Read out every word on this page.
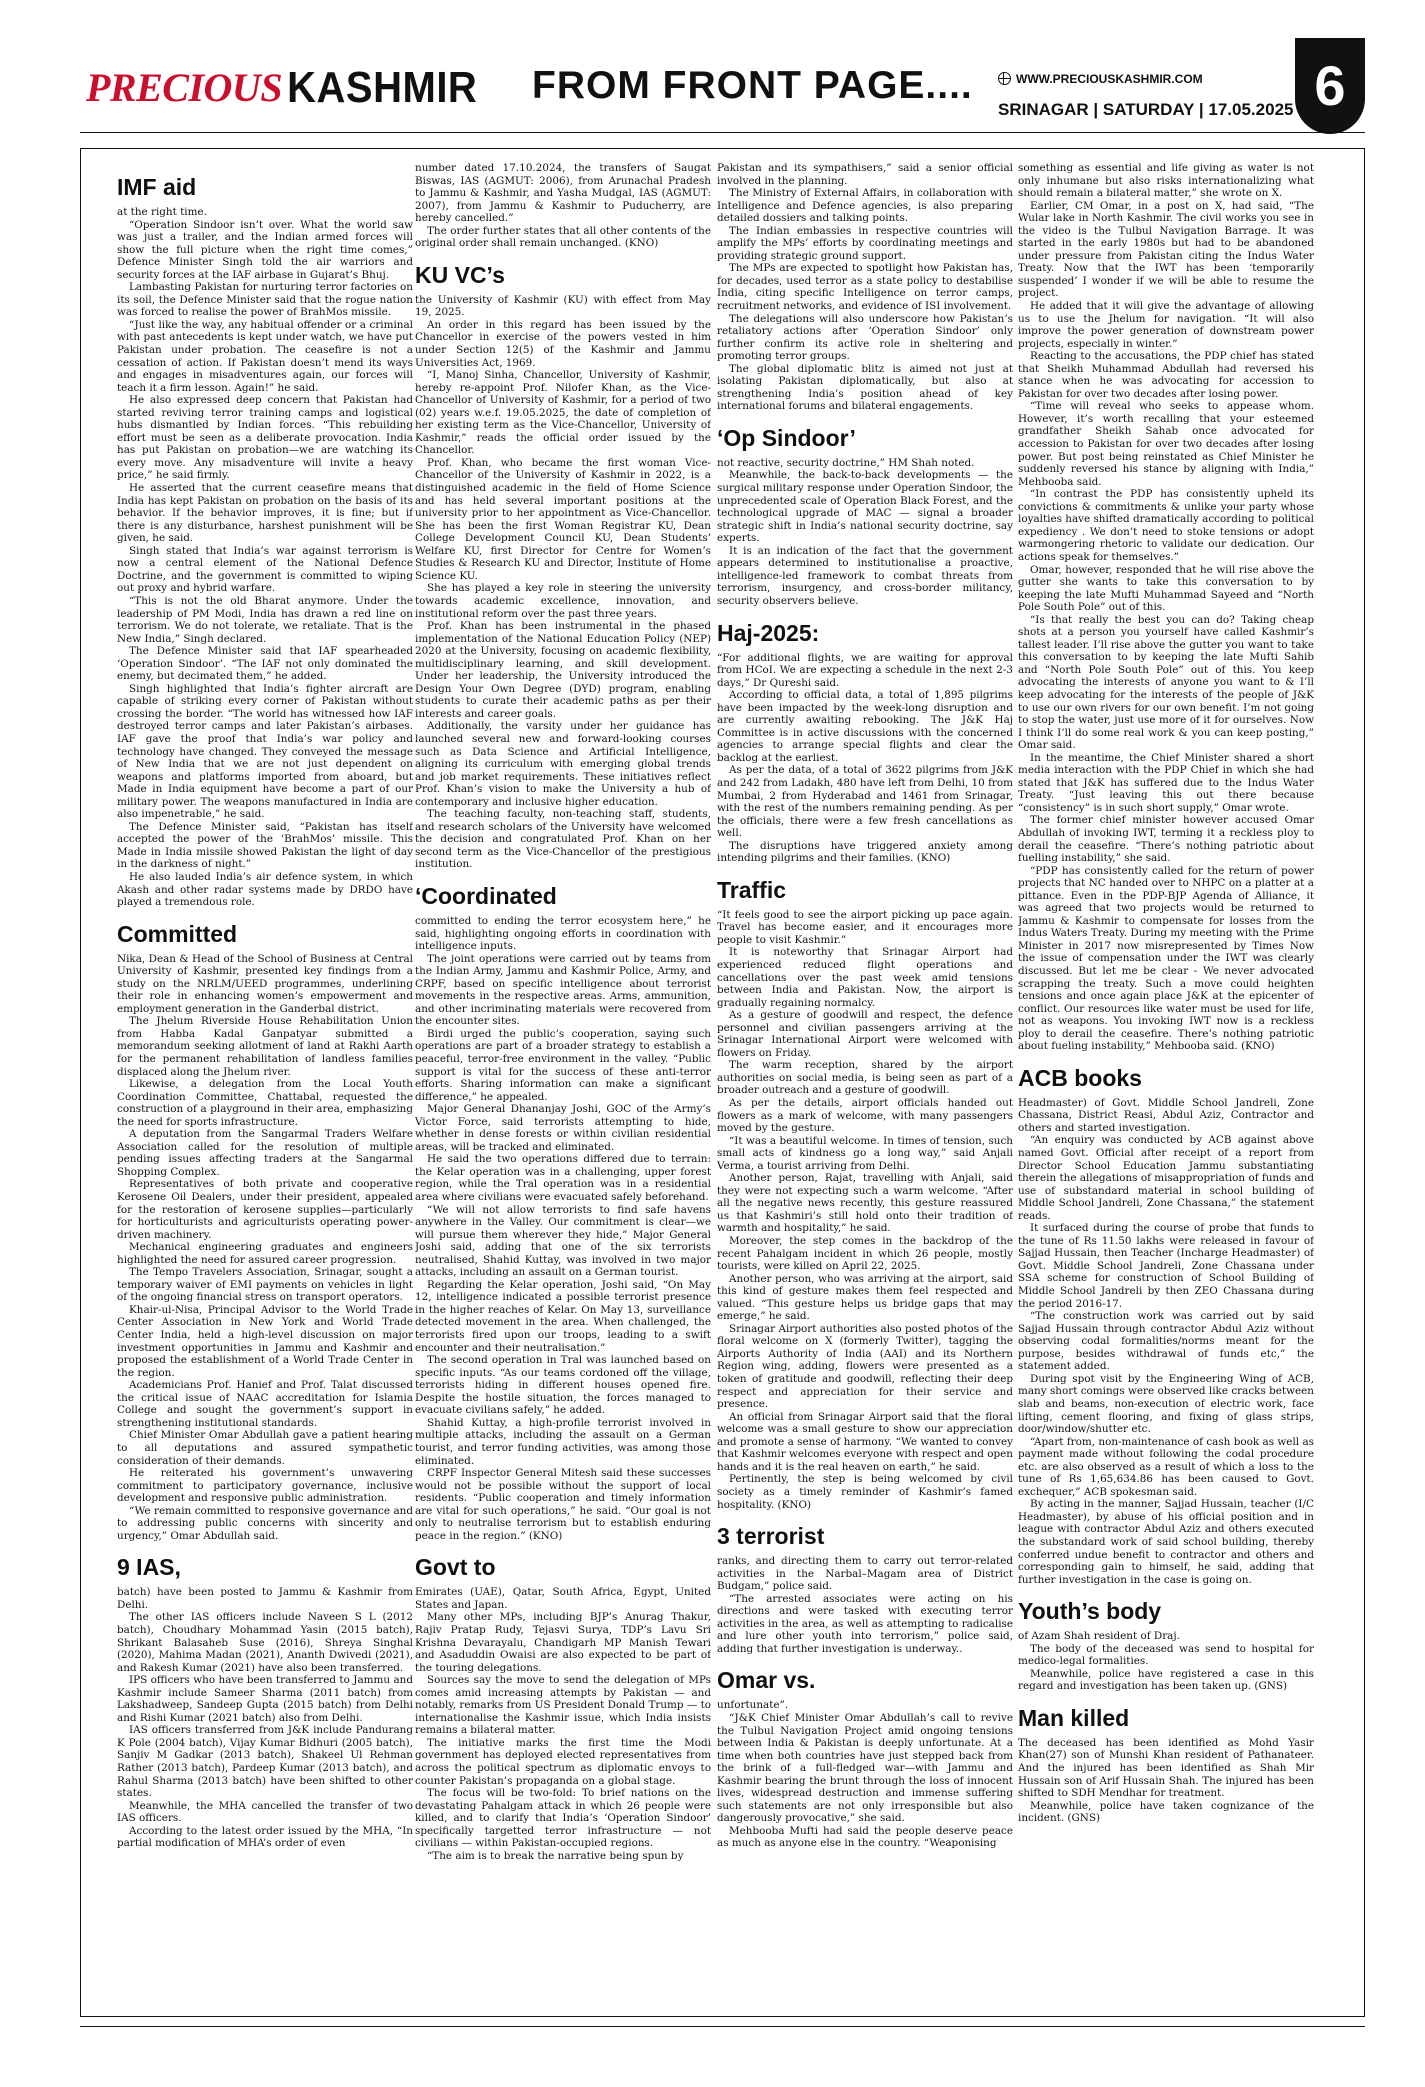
PRECIOUS KASHMIR FROM FRONT PAGE....	WWW.PRECIOUSKASHMIR.COM
SRINAGAR | SATURDAY | 17.05.2025 6
IMF aid

at the right time.

“Operation Sindoor isn’t over. What the world saw was just a trailer, and the Indian armed forces will show the full picture when the right time comes,” Defence Minister Singh told the air warriors and security forces at the IAF airbase in Gujarat’s Bhuj.

Lambasting Pakistan for nurturing terror factories on its soil, the Defence Minister said that the rogue nation was forced to realise the power of BrahMos missile.

“Just like the way, any habitual offender or a criminal with past antecedents is kept under watch, we have put Pakistan under probation. The ceasefire is not a cessation of action. If Pakistan doesn’t mend its ways and engages in misadventures again, our forces will teach it a firm lesson. Again!” he said.

He also expressed deep concern that Pakistan had started reviving terror training camps and logistical hubs dismantled by Indian forces. “This rebuilding effort must be seen as a deliberate provocation. India has put Pakistan on probation—we are watching its every move. Any misadventure will invite a heavy price,” he said firmly.

He asserted that the current ceasefire means that India has kept Pakistan on probation on the basis of its behavior. If the behavior improves, it is fine; but if there is any disturbance, harshest punishment will be given, he said.

Singh stated that India’s war against terrorism is now a central element of the National Defence Doctrine, and the government is committed to wiping out proxy and hybrid warfare.

“This is not the old Bharat anymore. Under the leadership of PM Modi, India has drawn a red line on terrorism. We do not tolerate, we retaliate. That is the New India,” Singh declared.

The Defence Minister said that IAF spearheaded ‘Operation Sindoor’. “The IAF not only dominated the enemy, but decimated them,” he added.

Singh highlighted that India’s fighter aircraft are capable of striking every corner of Pakistan without crossing the border. “The world has witnessed how IAF destroyed terror camps and later Pakistan’s airbases. IAF gave the proof that India’s war policy and technology have changed. They conveyed the message of New India that we are not just dependent on weapons and platforms imported from aboard, but Made in India equipment have become a part of our military power. The weapons manufactured in India are also impenetrable,” he said.

The Defence Minister said, “Pakistan has itself accepted the power of the ‘BrahMos’ missile. This Made in India missile showed Pakistan the light of day in the darkness of night.”

He also lauded India’s air defence system, in which Akash and other radar systems made by DRDO have played a tremendous role.

Committed

Nika, Dean & Head of the School of Business at Central University of Kashmir, presented key findings from a study on the NRLM/UEED programmes, underlining their role in enhancing women’s empowerment and employment generation in the Ganderbal district.

The Jhelum Riverside House Rehabilitation Union from Habba Kadal Ganpatyar submitted a memorandum seeking allotment of land at Rakhi Aarth for the permanent rehabilitation of landless families displaced along the Jhelum river.

Likewise, a delegation from the Local Youth Coordination Committee, Chattabal, requested the construction of a playground in their area, emphasizing the need for sports infrastructure.

A deputation from the Sangarmal Traders Welfare Association called for the resolution of multiple pending issues affecting traders at the Sangarmal Shopping Complex.

Representatives of both private and cooperative Kerosene Oil Dealers, under their president, appealed for the restoration of kerosene supplies—particularly for horticulturists and agriculturists operating power-driven machinery.

Mechanical engineering graduates and engineers highlighted the need for assured career progression.

The Tempo Travelers Association, Srinagar, sought a temporary waiver of EMI payments on vehicles in light of the ongoing financial stress on transport operators.

Khair-ul-Nisa, Principal Advisor to the World Trade Center Association in New York and World Trade Center India, held a high-level discussion on major investment opportunities in Jammu and Kashmir and proposed the establishment of a World Trade Center in the region.

Academicians Prof. Hanief and Prof. Talat discussed the critical issue of NAAC accreditation for Islamia College and sought the government’s support in strengthening institutional standards.

Chief Minister Omar Abdullah gave a patient hearing to all deputations and assured sympathetic consideration of their demands.

He reiterated his government’s unwavering commitment to participatory governance, inclusive development and responsive public administration.

“We remain committed to responsive governance and to addressing public concerns with sincerity and urgency,” Omar Abdullah said.

9 IAS,

batch) have been posted to Jammu & Kashmir from Delhi.

The other IAS officers include Naveen S L (2012 batch), Choudhary Mohammad Yasin (2015 batch), Shrikant Balasaheb Suse (2016), Shreya Singhal (2020), Mahima Madan (2021), Ananth Dwivedi (2021), and Rakesh Kumar (2021) have also been transferred.

IPS officers who have been transferred to Jammu and Kashmir include Sameer Sharma (2011 batch) from Lakshadweep, Sandeep Gupta (2015 batch) from Delhi and Rishi Kumar (2021 batch) also from Delhi.

IAS officers transferred from J&K include Pandurang K Pole (2004 batch), Vijay Kumar Bidhuri (2005 batch), Sanjiv M Gadkar (2013 batch), Shakeel Ul Rehman Rather (2013 batch), Pardeep Kumar (2013 batch), and Rahul Sharma (2013 batch) have been shifted to other states.

Meanwhile, the MHA cancelled the transfer of two IAS officers.

According to the latest order issued by the MHA, “In partial modification of MHA’s order of even

number dated 17.10.2024, the transfers of Saugat Biswas, IAS (AGMUT: 2006), from Arunachal Pradesh to Jammu & Kashmir, and Yasha Mudgal, IAS (AGMUT: 2007), from Jammu & Kashmir to Puducherry, are hereby cancelled.”

The order further states that all other contents of the original order shall remain unchanged. (KNO)

KU VC’s

the University of Kashmir (KU) with effect from May 19, 2025.

An order in this regard has been issued by the Chancellor in exercise of the powers vested in him under Section 12(5) of the Kashmir and Jammu Universities Act, 1969.

“I, Manoj Sinha, Chancellor, University of Kashmir, hereby re-appoint Prof. Nilofer Khan, as the Vice-Chancellor of University of Kashmir, for a period of two (02) years w.e.f. 19.05.2025, the date of completion of her existing term as the Vice-Chancellor, University of Kashmir,” reads the official order issued by the Chancellor.

Prof. Khan, who became the first woman Vice-Chancellor of the University of Kashmir in 2022, is a distinguished academic in the field of Home Science and has held several important positions at the university prior to her appointment as Vice-Chancellor. She has been the first Woman Registrar KU, Dean College Development Council KU, Dean Students’ Welfare KU, first Director for Centre for Women’s Studies & Research KU and Director, Institute of Home Science KU.

She has played a key role in steering the university towards academic excellence, innovation, and institutional reform over the past three years.

Prof. Khan has been instrumental in the phased implementation of the National Education Policy (NEP) 2020 at the University, focusing on academic flexibility, multidisciplinary learning, and skill development. Under her leadership, the University introduced the Design Your Own Degree (DYD) program, enabling students to curate their academic paths as per their interests and career goals.

Additionally, the varsity under her guidance has launched several new and forward-looking courses such as Data Science and Artificial Intelligence, aligning its curriculum with emerging global trends and job market requirements. These initiatives reflect Prof. Khan’s vision to make the University a hub of contemporary and inclusive higher education.

The teaching faculty, non-teaching staff, students, and research scholars of the University have welcomed the decision and congratulated Prof. Khan on her second term as the Vice-Chancellor of the prestigious institution.

‘Coordinated

committed to ending the terror ecosystem here,” he said, highlighting ongoing efforts in coordination with intelligence inputs.

The joint operations were carried out by teams from the Indian Army, Jammu and Kashmir Police, Army, and CRPF, based on specific intelligence about terrorist movements in the respective areas. Arms, ammunition, and other incriminating materials were recovered from the encounter sites.

Birdi urged the public’s cooperation, saying such operations are part of a broader strategy to establish a peaceful, terror-free environment in the valley. “Public support is vital for the success of these anti-terror efforts. Sharing information can make a significant difference,” he appealed.

Major General Dhananjay Joshi, GOC of the Army’s Victor Force, said terrorists attempting to hide, whether in dense forests or within civilian residential areas, will be tracked and eliminated.

He said the two operations differed due to terrain: the Kelar operation was in a challenging, upper forest region, while the Tral operation was in a residential area where civilians were evacuated safely beforehand.

“We will not allow terrorists to find safe havens anywhere in the Valley. Our commitment is clear—we will pursue them wherever they hide,” Major General Joshi said, adding that one of the six terrorists neutralised, Shahid Kuttay, was involved in two major attacks, including an assault on a German tourist.

Regarding the Kelar operation, Joshi said, “On May 12, intelligence indicated a possible terrorist presence in the higher reaches of Kelar. On May 13, surveillance detected movement in the area. When challenged, the terrorists fired upon our troops, leading to a swift encounter and their neutralisation.”

The second operation in Tral was launched based on specific inputs. “As our teams cordoned off the village, terrorists hiding in different houses opened fire. Despite the hostile situation, the forces managed to evacuate civilians safely,” he added.

Shahid Kuttay, a high-profile terrorist involved in multiple attacks, including the assault on a German tourist, and terror funding activities, was among those eliminated.

CRPF Inspector General Mitesh said these successes would not be possible without the support of local residents. “Public cooperation and timely information are vital for such operations,” he said. “Our goal is not only to neutralise terrorism but to establish enduring peace in the region.” (KNO)

Govt to

Emirates (UAE), Qatar, South Africa, Egypt, United States and Japan.

Many other MPs, including BJP’s Anurag Thakur, Rajiv Pratap Rudy, Tejasvi Surya, TDP’s Lavu Sri Krishna Devarayalu, Chandigarh MP Manish Tewari and Asaduddin Owaisi are also expected to be part of the touring delegations.

Sources say the move to send the delegation of MPs comes amid increasing attempts by Pakistan — and notably, remarks from US President Donald Trump — to internationalise the Kashmir issue, which India insists remains a bilateral matter.

The initiative marks the first time the Modi government has deployed elected representatives from across the political spectrum as diplomatic envoys to counter Pakistan’s propaganda on a global stage.

The focus will be two-fold: To brief nations on the devastating Pahalgam attack in which 26 people were killed, and to clarify that India’s ‘Operation Sindoor’ specifically targetted terror infrastructure — not civilians — within Pakistan-occupied regions.

“The aim is to break the narrative being spun by

Pakistan and its sympathisers,” said a senior official involved in the planning.

The Ministry of External Affairs, in collaboration with Intelligence and Defence agencies, is also preparing detailed dossiers and talking points.

The Indian embassies in respective countries will amplify the MPs’ efforts by coordinating meetings and providing strategic ground support.

The MPs are expected to spotlight how Pakistan has, for decades, used terror as a state policy to destabilise India, citing specific Intelligence on terror camps, recruitment networks, and evidence of ISI involvement.

The delegations will also underscore how Pakistan’s retaliatory actions after ‘Operation Sindoor’ only further confirm its active role in sheltering and promoting terror groups.

The global diplomatic blitz is aimed not just at isolating Pakistan diplomatically, but also at strengthening India’s position ahead of key international forums and bilateral engagements.

‘Op Sindoor’

not reactive, security doctrine,” HM Shah noted.

Meanwhile, the back-to-back developments — the surgical military response under Operation Sindoor, the unprecedented scale of Operation Black Forest, and the technological upgrade of MAC — signal a broader strategic shift in India’s national security doctrine, say experts.

It is an indication of the fact that the government appears determined to institutionalise a proactive, intelligence-led framework to combat threats from terrorism, insurgency, and cross-border militancy, security observers believe.

Haj-2025:

“For additional flights, we are waiting for approval from HCoI. We are expecting a schedule in the next 2-3 days,” Dr Qureshi said.

According to official data, a total of 1,895 pilgrims have been impacted by the week-long disruption and are currently awaiting rebooking. The J&K Haj Committee is in active discussions with the concerned agencies to arrange special flights and clear the backlog at the earliest.

As per the data, of a total of 3622 pilgrims from J&K and 242 from Ladakh, 480 have left from Delhi, 10 from Mumbai, 2 from Hyderabad and 1461 from Srinagar, with the rest of the numbers remaining pending. As per the officials, there were a few fresh cancellations as well.

The disruptions have triggered anxiety among intending pilgrims and their families. (KNO)

Traffic

“It feels good to see the airport picking up pace again. Travel has become easier, and it encourages more people to visit Kashmir.”

It is noteworthy that Srinagar Airport had experienced reduced flight operations and cancellations over the past week amid tensions between India and Pakistan. Now, the airport is gradually regaining normalcy.

As a gesture of goodwill and respect, the defence personnel and civilian passengers arriving at the Srinagar International Airport were welcomed with flowers on Friday.

The warm reception, shared by the airport authorities on social media, is being seen as part of a broader outreach and a gesture of goodwill.

As per the details, airport officials handed out flowers as a mark of welcome, with many passengers moved by the gesture.

“It was a beautiful welcome. In times of tension, such small acts of kindness go a long way,” said Anjali Verma, a tourist arriving from Delhi.

Another person, Rajat, travelling with Anjali, said they were not expecting such a warm welcome. “After all the negative news recently, this gesture reassured us that Kashmiri’s still hold onto their tradition of warmth and hospitality,” he said.

Moreover, the step comes in the backdrop of the recent Pahalgam incident in which 26 people, mostly tourists, were killed on April 22, 2025.

Another person, who was arriving at the airport, said this kind of gesture makes them feel respected and valued. “This gesture helps us bridge gaps that may emerge,” he said.

Srinagar Airport authorities also posted photos of the floral welcome on X (formerly Twitter), tagging the Airports Authority of India (AAI) and its Northern Region wing, adding, flowers were presented as a token of gratitude and goodwill, reflecting their deep respect and appreciation for their service and presence.

An official from Srinagar Airport said that the floral welcome was a small gesture to show our appreciation and promote a sense of harmony. “We wanted to convey that Kashmir welcomes everyone with respect and open hands and it is the real heaven on earth,” he said.

Pertinently, the step is being welcomed by civil society as a timely reminder of Kashmir’s famed hospitality. (KNO)

3 terrorist

ranks, and directing them to carry out terror-related activities in the Narbal–Magam area of District Budgam,” police said.

“The arrested associates were acting on his directions and were tasked with executing terror activities in the area, as well as attempting to radicalise and lure other youth into terrorism,” police said, adding that further investigation is underway..

Omar vs.

unfortunate”.

“J&K Chief Minister Omar Abdullah’s call to revive the Tulbul Navigation Project amid ongoing tensions between India & Pakistan is deeply unfortunate. At a time when both countries have just stepped back from the brink of a full-fledged war—with Jammu and Kashmir bearing the brunt through the loss of innocent lives, widespread destruction and immense suffering such statements are not only irresponsible but also dangerously provocative,” she said.

Mehbooba Mufti had said the people deserve peace as much as anyone else in the country. “Weaponising

something as essential and life giving as water is not only inhumane but also risks internationalizing what should remain a bilateral matter,” she wrote on X.

Earlier, CM Omar, in a post on X, had said, “The Wular lake in North Kashmir. The civil works you see in the video is the Tulbul Navigation Barrage. It was started in the early 1980s but had to be abandoned under pressure from Pakistan citing the Indus Water Treaty. Now that the IWT has been ‘temporarily suspended’ I wonder if we will be able to resume the project.

He added that it will give the advantage of allowing us to use the Jhelum for navigation. “It will also improve the power generation of downstream power projects, especially in winter.”

Reacting to the accusations, the PDP chief has stated that Sheikh Muhammad Abdullah had reversed his stance when he was advocating for accession to Pakistan for over two decades after losing power.

“Time will reveal who seeks to appease whom. However, it’s worth recalling that your esteemed grandfather Sheikh Sahab once advocated for accession to Pakistan for over two decades after losing power. But post being reinstated as Chief Minister he suddenly reversed his stance by aligning with India,” Mehbooba said.

“In contrast the PDP has consistently upheld its convictions & commitments & unlike your party whose loyalties have shifted dramatically according to political expediency . We don’t need to stoke tensions or adopt warmongering rhetoric to validate our dedication. Our actions speak for themselves.”

Omar, however, responded that he will rise above the gutter she wants to take this conversation to by keeping the late Mufti Muhammad Sayeed and “North Pole South Pole” out of this.

“Is that really the best you can do? Taking cheap shots at a person you yourself have called Kashmir’s tallest leader. I’ll rise above the gutter you want to take this conversation to by keeping the late Mufti Sahib and “North Pole South Pole” out of this. You keep advocating the interests of anyone you want to & I’ll keep advocating for the interests of the people of J&K to use our own rivers for our own benefit. I’m not going to stop the water, just use more of it for ourselves. Now I think I’ll do some real work & you can keep posting,” Omar said.

In the meantime, the Chief Minister shared a short media interaction with the PDP Chief in which she had stated that J&K has suffered due to the Indus Water Treaty. “Just leaving this out there because “consistency” is in such short supply,” Omar wrote.

The former chief minister however accused Omar Abdullah of invoking IWT, terming it a reckless ploy to derail the ceasefire. “There’s nothing patriotic about fuelling instability,” she said.

“PDP has consistently called for the return of power projects that NC handed over to NHPC on a platter at a pittance. Even in the PDP-BJP Agenda of Alliance, it was agreed that two projects would be returned to Jammu & Kashmir to compensate for losses from the Indus Waters Treaty. During my meeting with the Prime Minister in 2017 now misrepresented by Times Now the issue of compensation under the IWT was clearly discussed. But let me be clear - We never advocated scrapping the treaty. Such a move could heighten tensions and once again place J&K at the epicenter of conflict. Our resources like water must be used for life, not as weapons. You invoking IWT now is a reckless ploy to derail the ceasefire. There’s nothing patriotic about fueling instability,” Mehbooba said. (KNO)

ACB books

Headmaster) of Govt. Middle School Jandreli, Zone Chassana, District Reasi, Abdul Aziz, Contractor and others and started investigation.

“An enquiry was conducted by ACB against above named Govt. Official after receipt of a report from Director School Education Jammu substantiating therein the allegations of misappropriation of funds and use of substandard material in school building of Middle School Jandreli, Zone Chassana,” the statement reads.

It surfaced during the course of probe that funds to the tune of Rs 11.50 lakhs were released in favour of Sajjad Hussain, then Teacher (Incharge Headmaster) of Govt. Middle School Jandreli, Zone Chassana under SSA scheme for construction of School Building of Middle School Jandreli by then ZEO Chassana during the period 2016-17.

“The construction work was carried out by said Sajjad Hussain through contractor Abdul Aziz without observing codal formalities/norms meant for the purpose, besides withdrawal of funds etc,” the statement added.

During spot visit by the Engineering Wing of ACB, many short comings were observed like cracks between slab and beams, non-execution of electric work, face lifting, cement flooring, and fixing of glass strips, door/window/shutter etc.

“Apart from, non-maintenance of cash book as well as payment made without following the codal procedure etc. are also observed as a result of which a loss to the tune of Rs 1,65,634.86 has been caused to Govt. exchequer,” ACB spokesman said.

By acting in the manner, Sajjad Hussain, teacher (I/C Headmaster), by abuse of his official position and in league with contractor Abdul Aziz and others executed the substandard work of said school building, thereby conferred undue benefit to contractor and others and corresponding gain to himself, he said, adding that further investigation in the case is going on.

Youth’s body

of Azam Shah resident of Draj.

The body of the deceased was send to hospital for medico-legal formalities.

Meanwhile, police have registered a case in this regard and investigation has been taken up. (GNS)

Man killed

The deceased has been identified as Mohd Yasir Khan(27) son of Munshi Khan resident of Pathanateer. And the injured has been identified as Shah Mir Hussain son of Arif Hussain Shah. The injured has been shifted to SDH Mendhar for treatment.

Meanwhile, police have taken cognizance of the incident. (GNS)
